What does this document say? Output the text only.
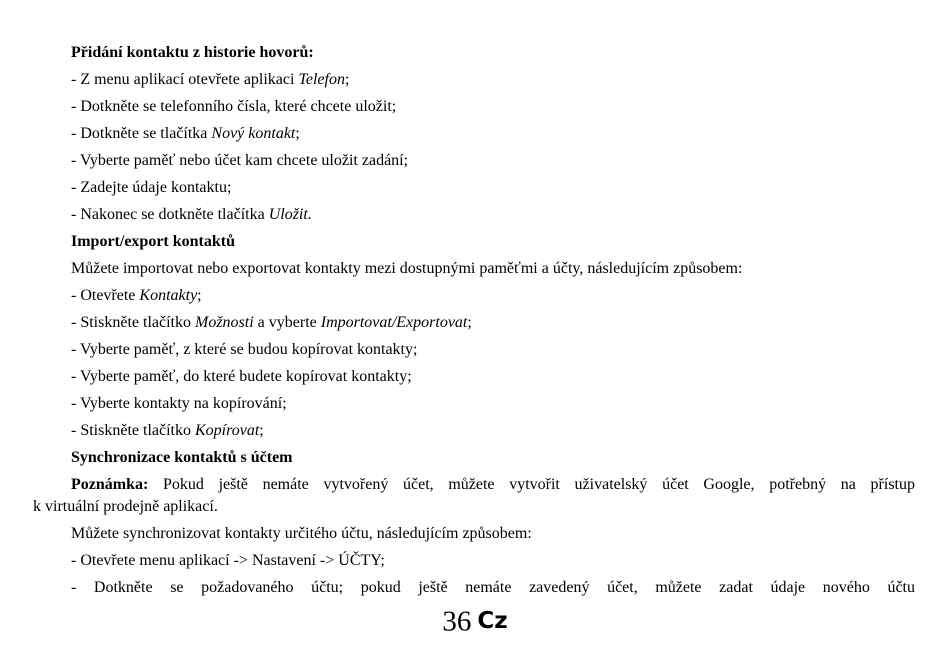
Přidání kontaktu z historie hovorů:
- Z menu aplikací otevřete aplikaci Telefon;
- Dotkněte se telefonního čísla, které chcete uložit;
- Dotkněte se tlačítka Nový kontakt;
- Vyberte paměť nebo účet kam chcete uložit zadání;
- Zadejte údaje kontaktu;
- Nakonec se dotkněte tlačítka Uložit.
Import/export kontaktů
Můžete importovat nebo exportovat kontakty mezi dostupnými paměťmi a účty, následujícím způsobem:
- Otevřete Kontakty;
- Stiskněte tlačítko Možnosti a vyberte Importovat/Exportovat;
- Vyberte paměť, z které se budou kopírovat kontakty;
- Vyberte paměť, do které budete kopírovat kontakty;
- Vyberte kontakty na kopírování;
- Stiskněte tlačítko Kopírovat;
Synchronizace kontaktů s účtem
Poznámka: Pokud ještě nemáte vytvořený účet, můžete vytvořit uživatelský účet Google, potřebný na přístup
k virtuální prodejně aplikací.
Můžete synchronizovat kontakty určitého účtu, následujícím způsobem:
- Otevřete menu aplikací -> Nastavení -> ÚČTY;
- Dotkněte se požadovaného účtu; pokud ještě nemáte zavedený účet, můžete zadat údaje nového účtu
36 Cz
